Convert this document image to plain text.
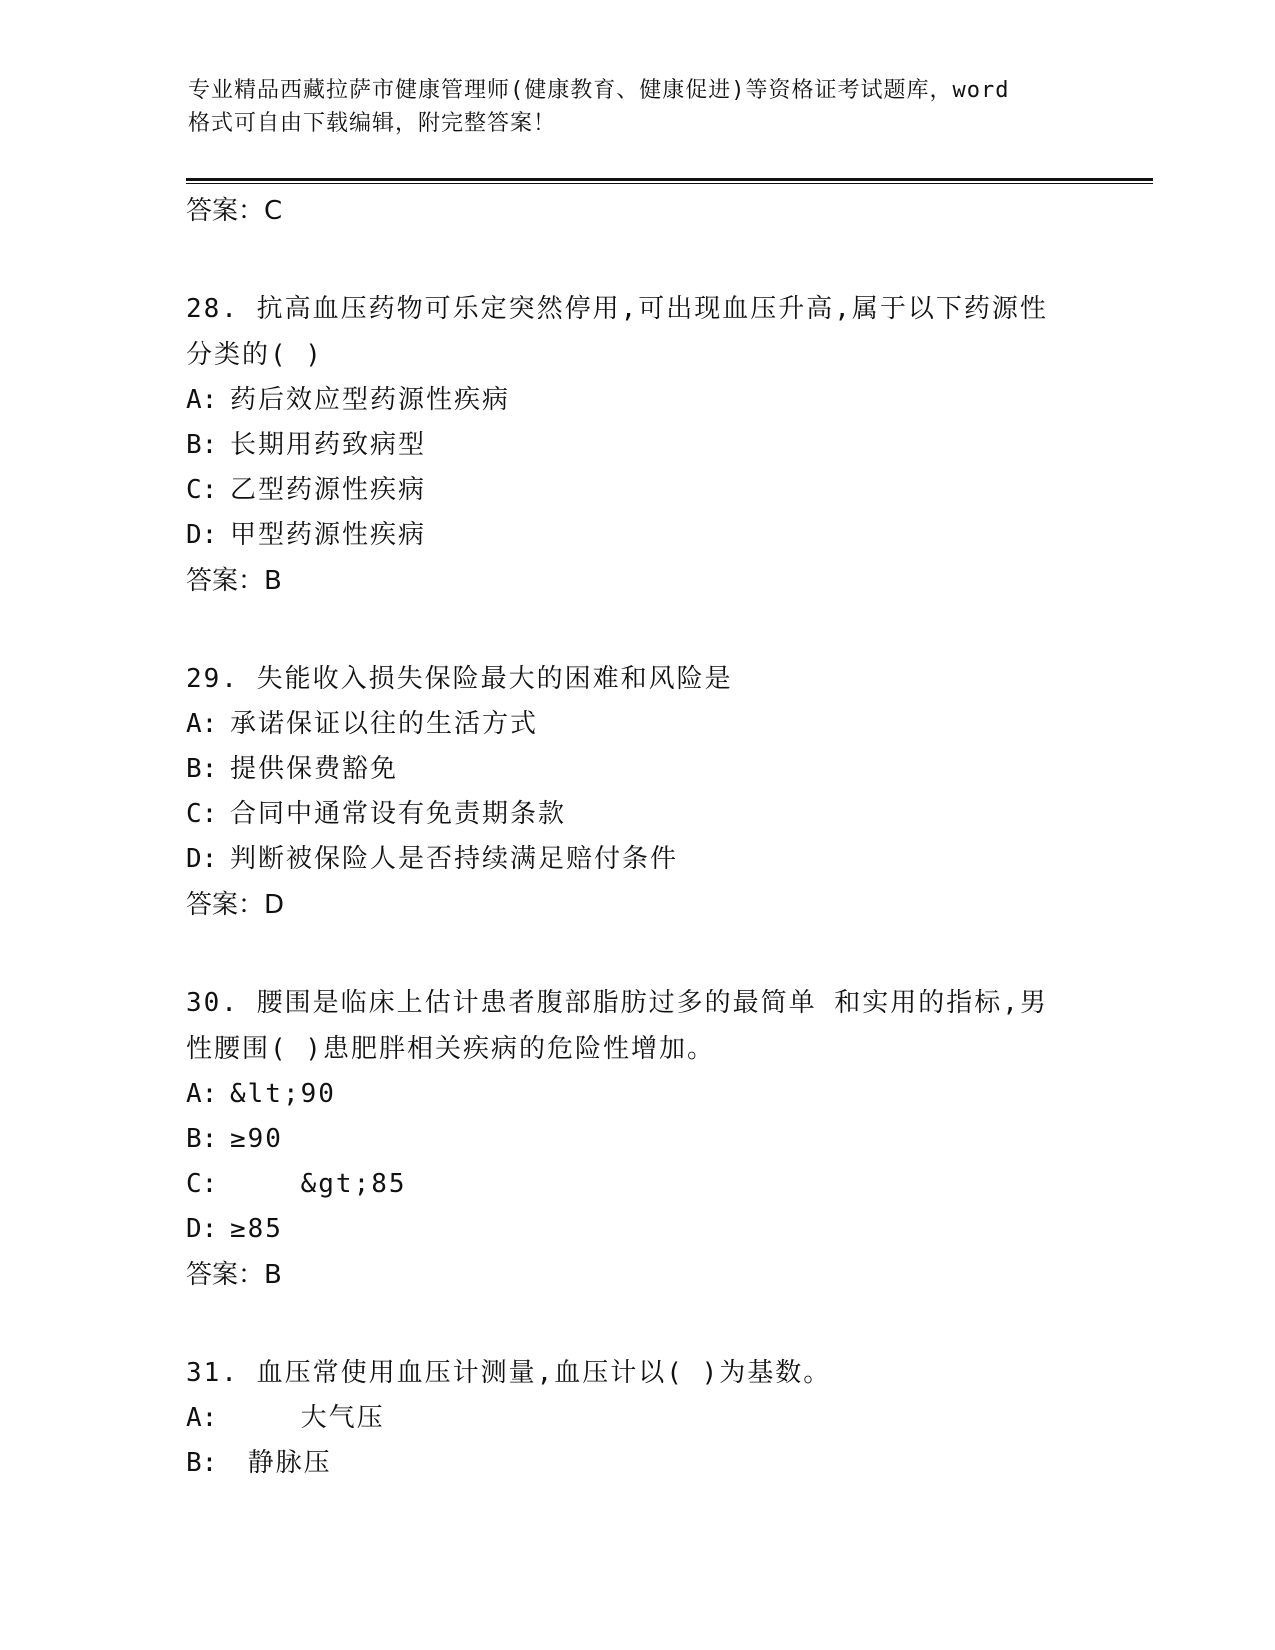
专业精品西藏拉萨市健康管理师(健康教育、健康促进)等资格证考试题库，word
格式可自由下载编辑，附完整答案！
答案：C
28. 抗高血压药物可乐定突然停用,可出现血压升高,属于以下药源性
分类的( )
A: 药后效应型药源性疾病
B: 长期用药致病型
C: 乙型药源性疾病
D: 甲型药源性疾病
答案：B
29. 失能收入损失保险最大的困难和风险是
A: 承诺保证以往的生活方式
B: 提供保费豁免
C: 合同中通常设有免责期条款
D: 判断被保险人是否持续满足赔付条件
答案：D
30. 腰围是临床上估计患者腹部脂肪过多的最简单 和实用的指标,男
性腰围( )患肥胖相关疾病的危险性增加。
A: &lt;90
B: ≥90
C:    &gt;85
D: ≥85
答案：B
31. 血压常使用血压计测量,血压计以( )为基数。
A:    大气压
B: 静脉压
